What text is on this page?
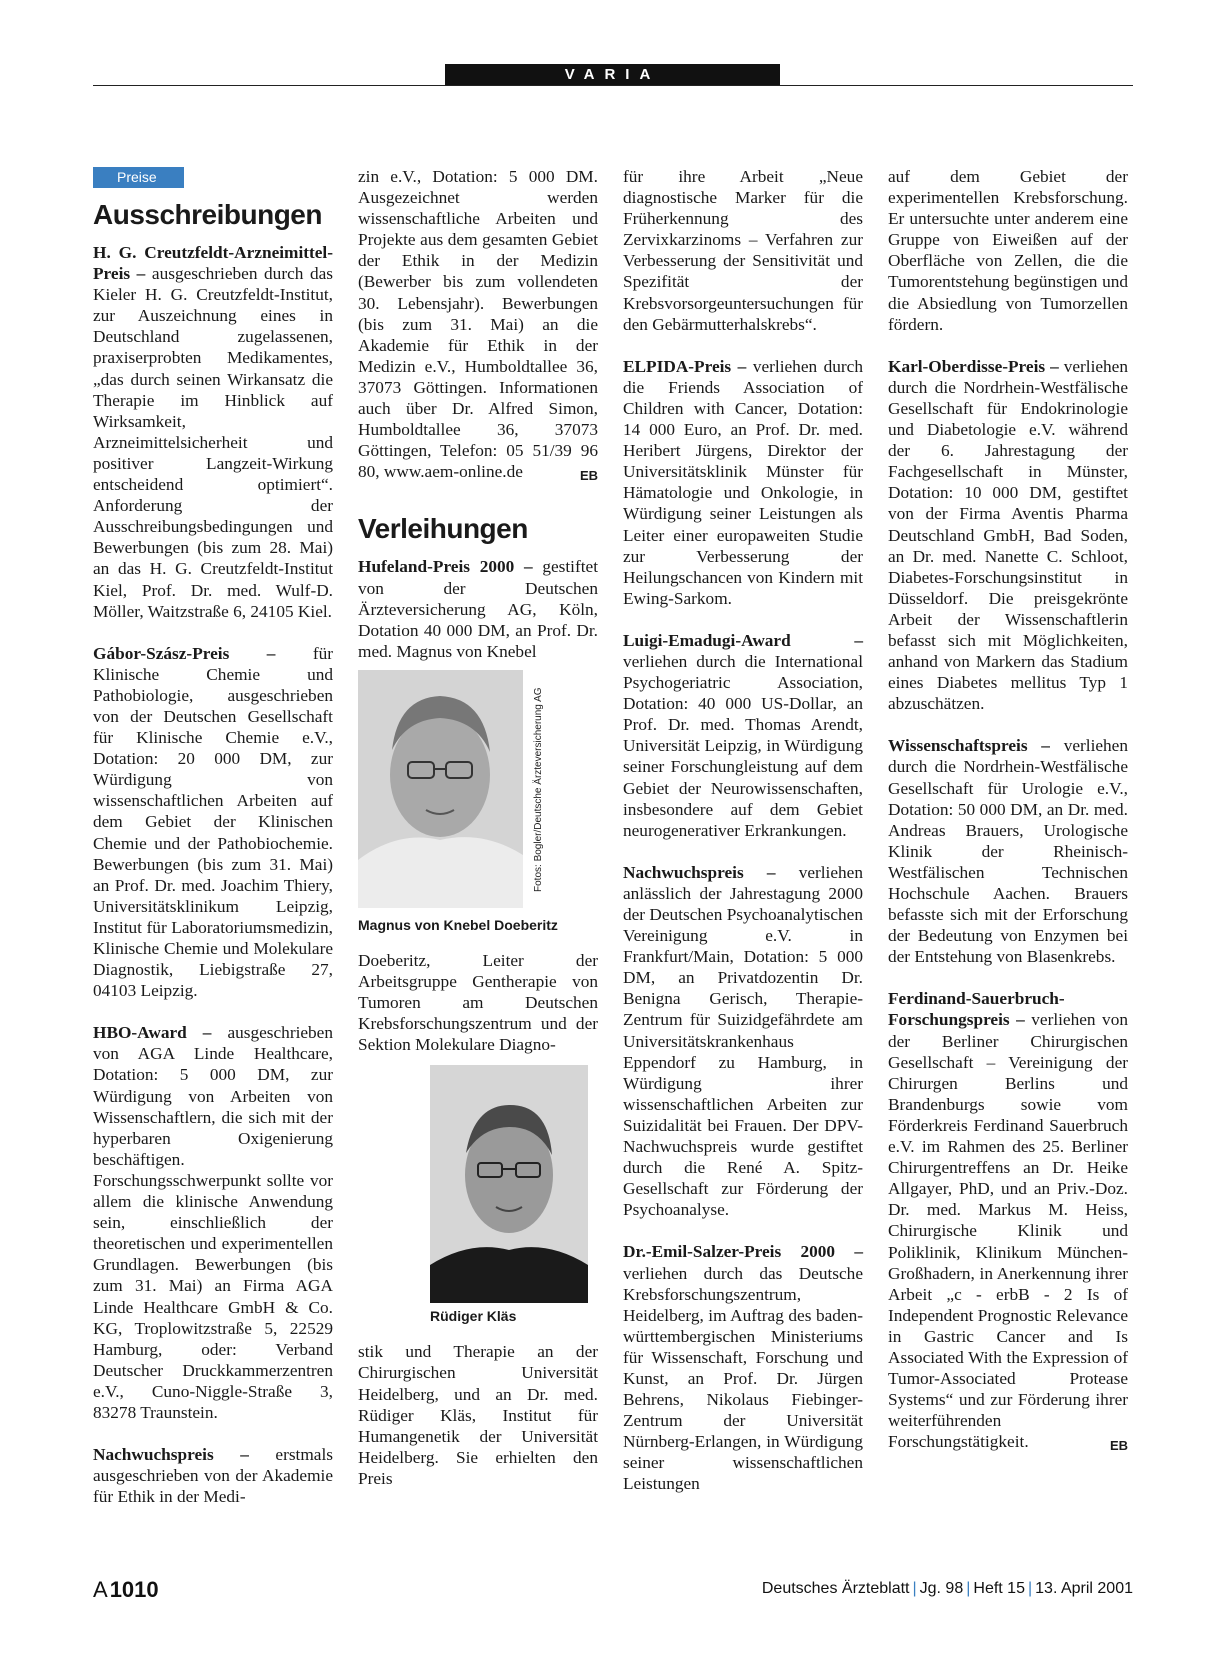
VARIA
Preise
Ausschreibungen

H. G. Creutzfeldt-Arzneimittel-Preis – ausgeschrieben durch das Kieler H. G. Creutzfeldt-Institut, zur Auszeichnung eines in Deutschland zugelassenen, praxiserprobten Medikamentes, „das durch seinen Wirkansatz die Therapie im Hinblick auf Wirksamkeit, Arzneimittelsicherheit und positiver Langzeit-Wirkung entscheidend optimiert“. Anforderung der Ausschreibungsbedingungen und Bewerbungen (bis zum 28. Mai) an das H. G. Creutzfeldt-Institut Kiel, Prof. Dr. med. Wulf-D. Möller, Waitzstraße 6, 24105 Kiel.

Gábor-Szász-Preis – für Klinische Chemie und Pathobiologie, ausgeschrieben von der Deutschen Gesellschaft für Klinische Chemie e.V., Dotation: 20 000 DM, zur Würdigung von wissenschaftlichen Arbeiten auf dem Gebiet der Klinischen Chemie und der Pathobiochemie. Bewerbungen (bis zum 31. Mai) an Prof. Dr. med. Joachim Thiery, Universitätsklinikum Leipzig, Institut für Laboratoriumsmedizin, Klinische Chemie und Molekulare Diagnostik, Liebigstraße 27, 04103 Leipzig.

HBO-Award – ausgeschrieben von AGA Linde Healthcare, Dotation: 5 000 DM, zur Würdigung von Arbeiten von Wissenschaftlern, die sich mit der hyperbaren Oxigenierung beschäftigen. Forschungsschwerpunkt sollte vor allem die klinische Anwendung sein, einschließlich der theoretischen und experimentellen Grundlagen. Bewerbungen (bis zum 31. Mai) an Firma AGA Linde Healthcare GmbH & Co. KG, Troplowitzstraße 5, 22529 Hamburg, oder: Verband Deutscher Druckkammerzentren e.V., Cuno-Niggle-Straße 3, 83278 Traunstein.

Nachwuchspreis – erstmals ausgeschrieben von der Akademie für Ethik in der Medi-

zin e.V., Dotation: 5 000 DM. Ausgezeichnet werden wissenschaftliche Arbeiten und Projekte aus dem gesamten Gebiet der Ethik in der Medizin (Bewerber bis zum vollendeten 30. Lebensjahr). Bewerbungen (bis zum 31. Mai) an die Akademie für Ethik in der Medizin e.V., Humboldtallee 36, 37073 Göttingen. Informationen auch über Dr. Alfred Simon, Humboldtallee 36, 37073 Göttingen, Telefon: 05 51/39 96 80, www.aem-online.de	EB

Verleihungen

Hufeland-Preis 2000 – gestiftet von der Deutschen Ärzteversicherung AG, Köln, Dotation 40 000 DM, an Prof. Dr. med. Magnus von Knebel

Fotos: Bogler/Deutsche Ärzteversicherung AG
Magnus von Knebel Doeberitz

Doeberitz, Leiter der Arbeitsgruppe Gentherapie von Tumoren am Deutschen Krebsforschungszentrum und der Sektion Molekulare Diagno-

Rüdiger Kläs

stik und Therapie an der Chirurgischen Universität Heidelberg, und an Dr. med. Rüdiger Kläs, Institut für Humangenetik der Universität Heidelberg. Sie erhielten den Preis

für ihre Arbeit „Neue diagnostische Marker für die Früherkennung des Zervixkarzinoms – Verfahren zur Verbesserung der Sensitivität und Spezifität der Krebsvorsorgeuntersuchungen für den Gebärmutterhalskrebs“.

ELPIDA-Preis – verliehen durch die Friends Association of Children with Cancer, Dotation: 14 000 Euro, an Prof. Dr. med. Heribert Jürgens, Direktor der Universitätsklinik Münster für Hämatologie und Onkologie, in Würdigung seiner Leistungen als Leiter einer europaweiten Studie zur Verbesserung der Heilungschancen von Kindern mit Ewing-Sarkom.

Luigi-Emadugi-Award – verliehen durch die International Psychogeriatric Association, Dotation: 40 000 US-Dollar, an Prof. Dr. med. Thomas Arendt, Universität Leipzig, in Würdigung seiner Forschungleistung auf dem Gebiet der Neurowissenschaften, insbesondere auf dem Gebiet neurogenerativer Erkrankungen.

Nachwuchspreis – verliehen anlässlich der Jahrestagung 2000 der Deutschen Psychoanalytischen Vereinigung e.V. in Frankfurt/Main, Dotation: 5 000 DM, an Privatdozentin Dr. Benigna Gerisch, Therapie-Zentrum für Suizidgefährdete am Universitätskrankenhaus Eppendorf zu Hamburg, in Würdigung ihrer wissenschaftlichen Arbeiten zur Suizidalität bei Frauen. Der DPV-Nachwuchspreis wurde gestiftet durch die René A. Spitz-Gesellschaft zur Förderung der Psychoanalyse.

Dr.-Emil-Salzer-Preis 2000 – verliehen durch das Deutsche Krebsforschungszentrum, Heidelberg, im Auftrag des baden-württembergischen Ministeriums für Wissenschaft, Forschung und Kunst, an Prof. Dr. Jürgen Behrens, Nikolaus Fiebinger-Zentrum der Universität Nürnberg-Erlangen, in Würdigung seiner wissenschaftlichen Leistungen

auf dem Gebiet der experimentellen Krebsforschung. Er untersuchte unter anderem eine Gruppe von Eiweißen auf der Oberfläche von Zellen, die die Tumorentstehung begünstigen und die Absiedlung von Tumorzellen fördern.

Karl-Oberdisse-Preis – verliehen durch die Nordrhein-Westfälische Gesellschaft für Endokrinologie und Diabetologie e.V. während der 6. Jahrestagung der Fachgesellschaft in Münster, Dotation: 10 000 DM, gestiftet von der Firma Aventis Pharma Deutschland GmbH, Bad Soden, an Dr. med. Nanette C. Schloot, Diabetes-Forschungsinstitut in Düsseldorf. Die preisgekrönte Arbeit der Wissenschaftlerin befasst sich mit Möglichkeiten, anhand von Markern das Stadium eines Diabetes mellitus Typ 1 abzuschätzen.

Wissenschaftspreis – verliehen durch die Nordrhein-Westfälische Gesellschaft für Urologie e.V., Dotation: 50 000 DM, an Dr. med. Andreas Brauers, Urologische Klinik der Rheinisch-Westfälischen Technischen Hochschule Aachen. Brauers befasste sich mit der Erforschung der Bedeutung von Enzymen bei der Entstehung von Blasenkrebs.

Ferdinand-Sauerbruch-Forschungspreis – verliehen von der Berliner Chirurgischen Gesellschaft – Vereinigung der Chirurgen Berlins und Brandenburgs sowie vom Förderkreis Ferdinand Sauerbruch e.V. im Rahmen des 25. Berliner Chirurgentreffens an Dr. Heike Allgayer, PhD, und an Priv.-Doz. Dr. med. Markus M. Heiss, Chirurgische Klinik und Poliklinik, Klinikum München-Großhadern, in Anerkennung ihrer Arbeit „c - erbB - 2 Is of Independent Prognostic Relevance in Gastric Cancer and Is Associated With the Expression of Tumor-Associated Protease Systems“ und zur Förderung ihrer weiterführenden Forschungstätigkeit.	EB

A1010	Deutsches Ärzteblatt | Jg. 98 | Heft 15 | 13. April 2001
